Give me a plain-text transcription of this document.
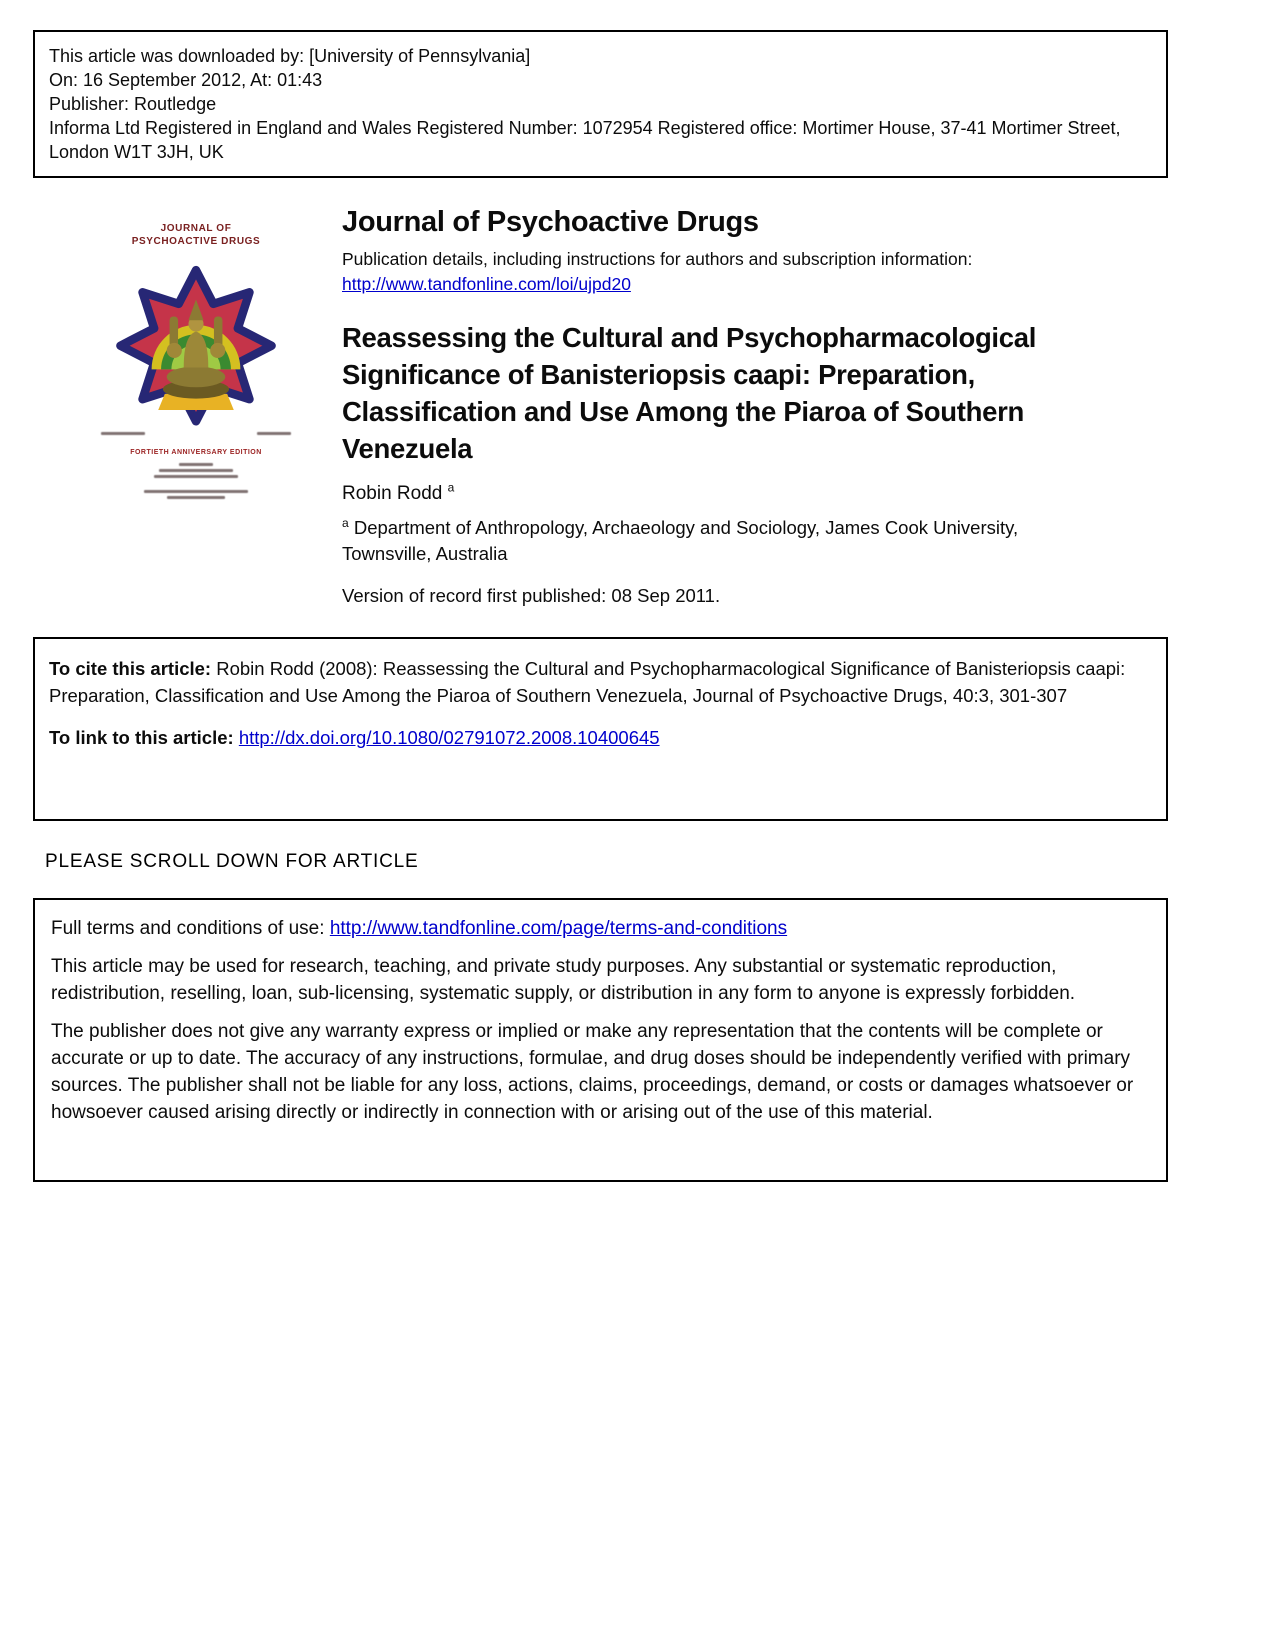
This article was downloaded by: [University of Pennsylvania]

On: 16 September 2012, At: 01:43

Publisher: Routledge

Informa Ltd Registered in England and Wales Registered Number: 1072954 Registered office: Mortimer House, 37-41 Mortimer Street, London W1T 3JH, UK

JOURNAL OF
PSYCHOACTIVE DRUGS
FORTIETH ANNIVERSARY EDITION
Journal of Psychoactive Drugs
Publication details, including instructions for authors and subscription information:
http://www.tandfonline.com/loi/ujpd20
Reassessing the Cultural and Psychopharmacological
Significance of Banisteriopsis caapi: Preparation,
Classification and Use Among the Piaroa of Southern
Venezuela
Robin Rodd $^a$
$^a$ Department of Anthropology, Archaeology and Sociology, James Cook University,
Townsville, Australia
Version of record first published: 08 Sep 2011.

To cite this article: Robin Rodd (2008): Reassessing the Cultural and Psychopharmacological Significance of Banisteriopsis caapi: Preparation, Classification and Use Among the Piaroa of Southern Venezuela, Journal of Psychoactive Drugs, 40:3, 301-307

To link to this article: http://dx.doi.org/10.1080/02791072.2008.10400645

PLEASE SCROLL DOWN FOR ARTICLE

Full terms and conditions of use: http://www.tandfonline.com/page/terms-and-conditions

This article may be used for research, teaching, and private study purposes. Any substantial or systematic reproduction, redistribution, reselling, loan, sub-licensing, systematic supply, or distribution in any form to anyone is expressly forbidden.

The publisher does not give any warranty express or implied or make any representation that the contents will be complete or accurate or up to date. The accuracy of any instructions, formulae, and drug doses should be independently verified with primary sources. The publisher shall not be liable for any loss, actions, claims, proceedings, demand, or costs or damages whatsoever or howsoever caused arising directly or indirectly in connection with or arising out of the use of this material.
